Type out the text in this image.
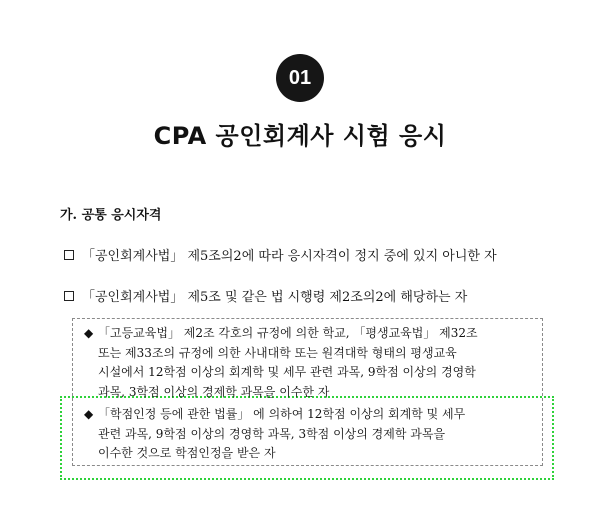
01
CPA 공인회계사 시험 응시
가. 공통 응시자격
「공인회계사법」 제5조의2에 따라 응시자격이 정지 중에 있지 아니한 자
「공인회계사법」 제5조 및 같은 법 시행령 제2조의2에 해당하는 자
◆ 「고등교육법」 제2조 각호의 규정에 의한 학교, 「평생교육법」 제32조
또는 제33조의 규정에 의한 사내대학 또는 원격대학 형태의 평생교육
시설에서 12학점 이상의 회계학 및 세무 관련 과목, 9학점 이상의 경영학
과목, 3학점 이상의 경제학 과목을 이수한 자
◆ 「학점인정 등에 관한 법률」 에 의하여 12학점 이상의 회계학 및 세무
관련 과목, 9학점 이상의 경영학 과목, 3학점 이상의 경제학 과목을
이수한 것으로 학점인정을 받은 자
